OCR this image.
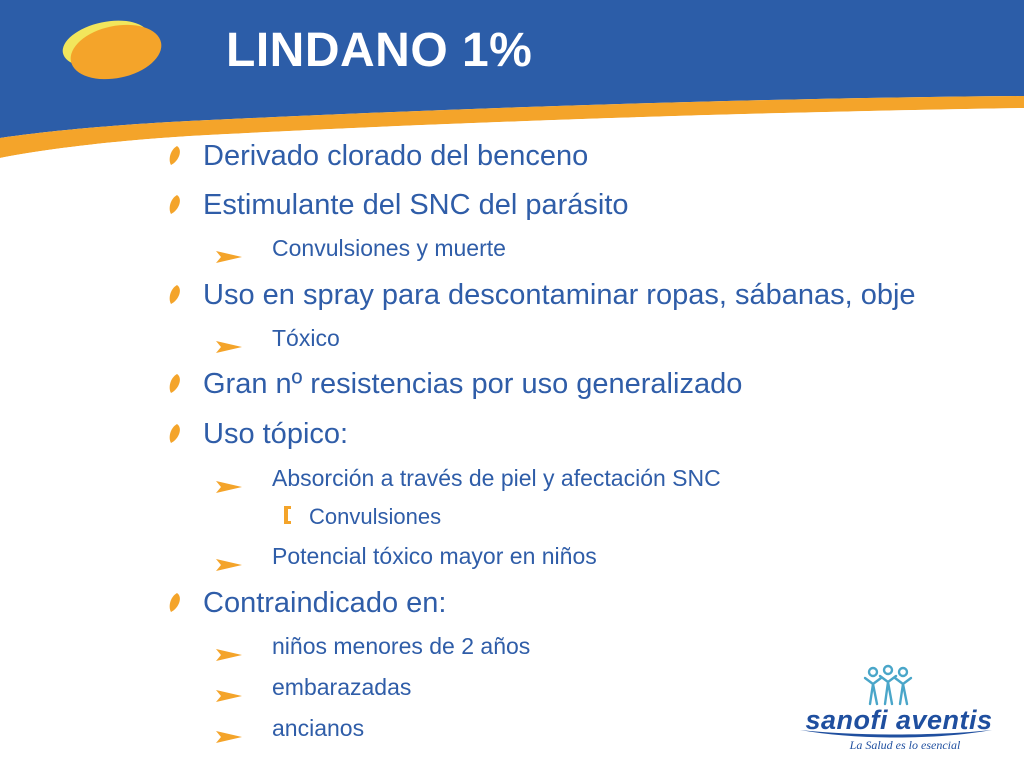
LINDANO 1%
Derivado clorado del benceno
Estimulante del SNC del parásito
Convulsiones y muerte
Uso en spray para descontaminar ropas, sábanas, obje
Tóxico
Gran nº resistencias por uso generalizado
Uso tópico:
Absorción a través de piel y afectación SNC
Convulsiones
Potencial tóxico mayor en niños
Contraindicado en:
niños menores de 2 años
embarazadas
ancianos	sanofi aventis
La Salud es lo esencial
